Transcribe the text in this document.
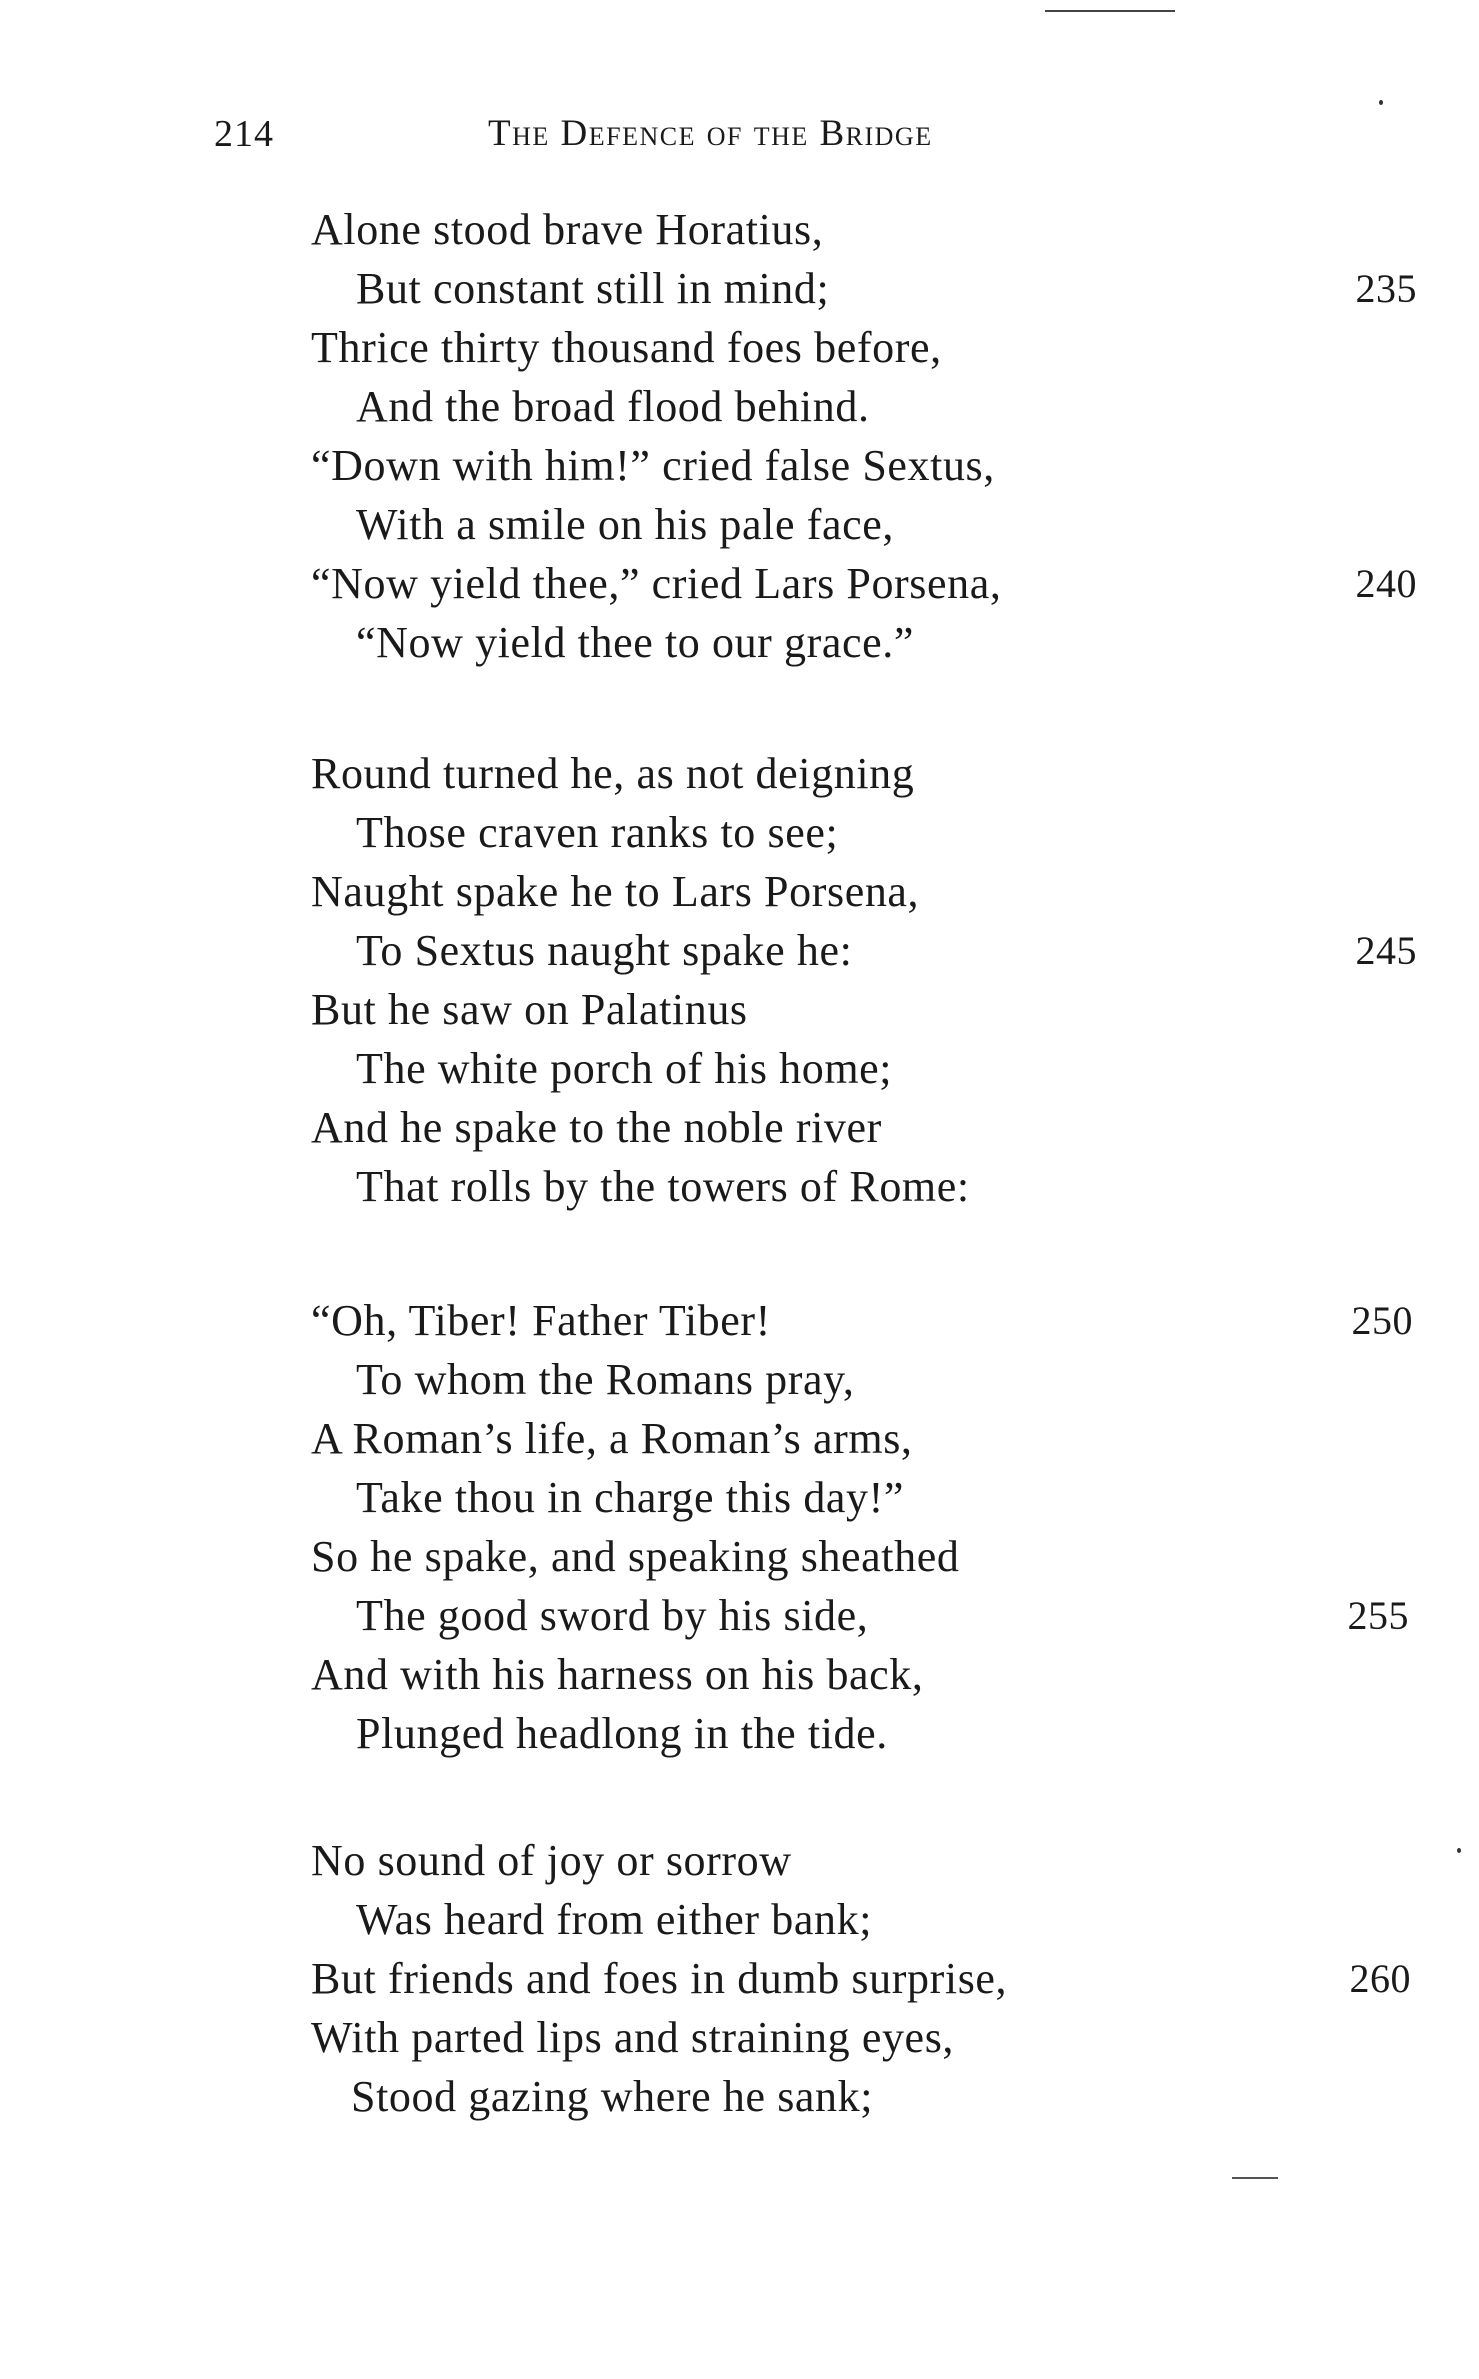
214	The Defence of the Bridge
Alone stood brave Horatius,
But constant still in mind;	235
Thrice thirty thousand foes before,
And the broad flood behind.
“Down with him!” cried false Sextus,
With a smile on his pale face,
“Now yield thee,” cried Lars Porsena,	240
“Now yield thee to our grace.”
Round turned he, as not deigning
Those craven ranks to see;
Naught spake he to Lars Porsena,
To Sextus naught spake he:	245
But he saw on Palatinus
The white porch of his home;
And he spake to the noble river
That rolls by the towers of Rome:
“Oh, Tiber! Father Tiber!	250
To whom the Romans pray,
A Roman’s life, a Roman’s arms,
Take thou in charge this day!”
So he spake, and speaking sheathed
The good sword by his side,	255
And with his harness on his back,
Plunged headlong in the tide.
No sound of joy or sorrow
Was heard from either bank;
But friends and foes in dumb surprise,	260
With parted lips and straining eyes,
Stood gazing where he sank;
